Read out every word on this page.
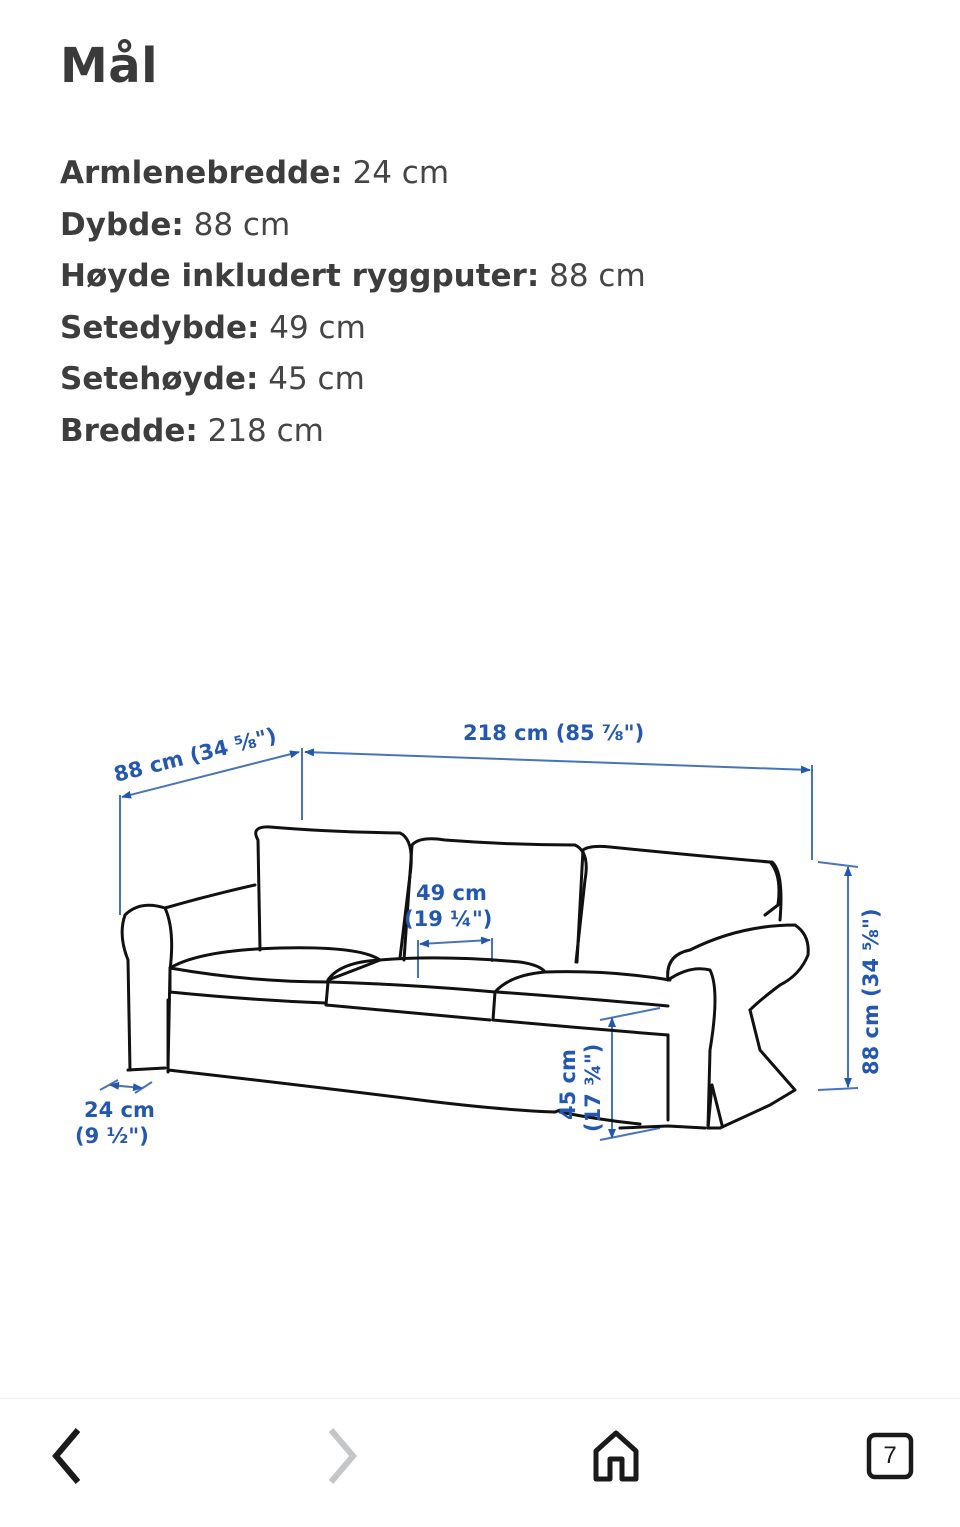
Mål
Armlenebredde: 24 cm
Dybde: 88 cm
Høyde inkludert ryggputer: 88 cm
Setedybde: 49 cm
Setehøyde: 45 cm
Bredde: 218 cm
88 cm (34 ⅝")	218 cm (85 ⅞")
49 cm
(19 ¼")	88 cm (34 ⅝")
45 cm (17 ¾")
24 cm
(9 ½")
7
